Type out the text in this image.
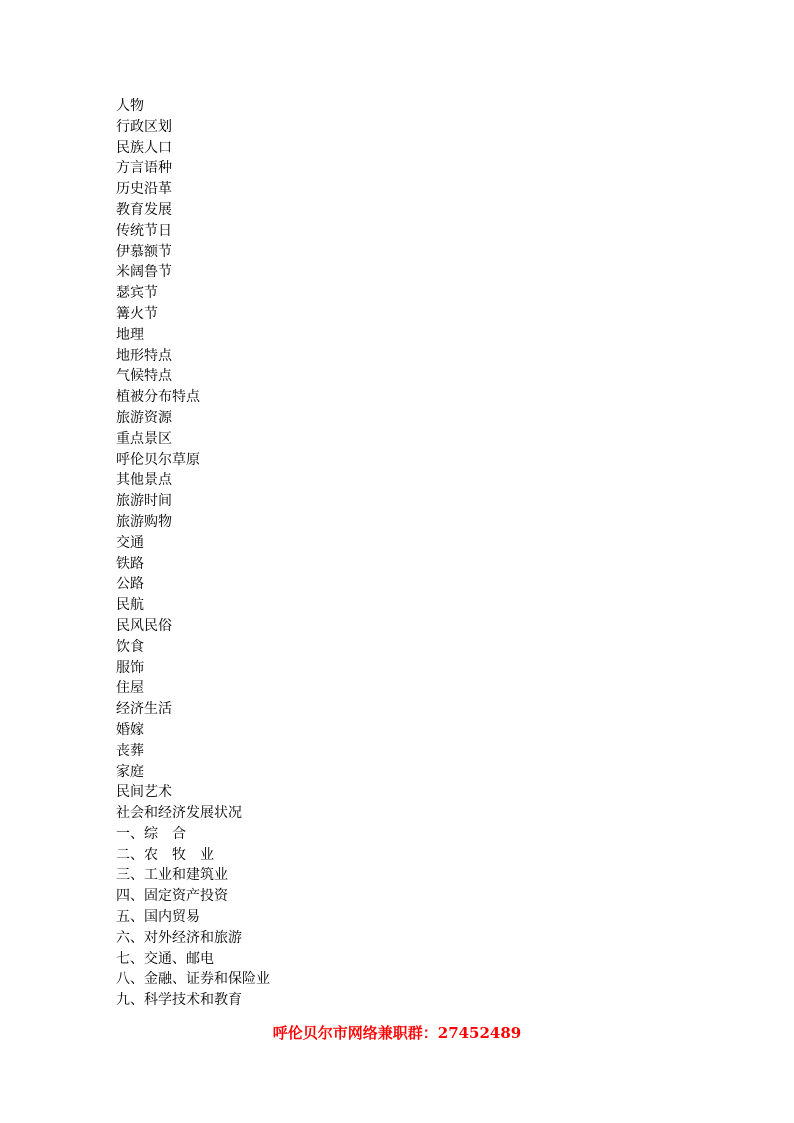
人物
行政区划
民族人口
方言语种
历史沿革
教育发展
传统节日
伊慕额节
米阔鲁节
瑟宾节
篝火节
地理
地形特点
气候特点
植被分布特点
旅游资源
重点景区
呼伦贝尔草原
其他景点
旅游时间
旅游购物
交通
铁路
公路
民航
民风民俗
饮食
服饰
住屋
经济生活
婚嫁
丧葬
家庭
民间艺术
社会和经济发展状况
一、综　合
二、农　牧　业
三、工业和建筑业
四、固定资产投资
五、国内贸易
六、对外经济和旅游
七、交通、邮电
八、金融、证券和保险业
九、科学技术和教育
呼伦贝尔市网络兼职群：27452489
